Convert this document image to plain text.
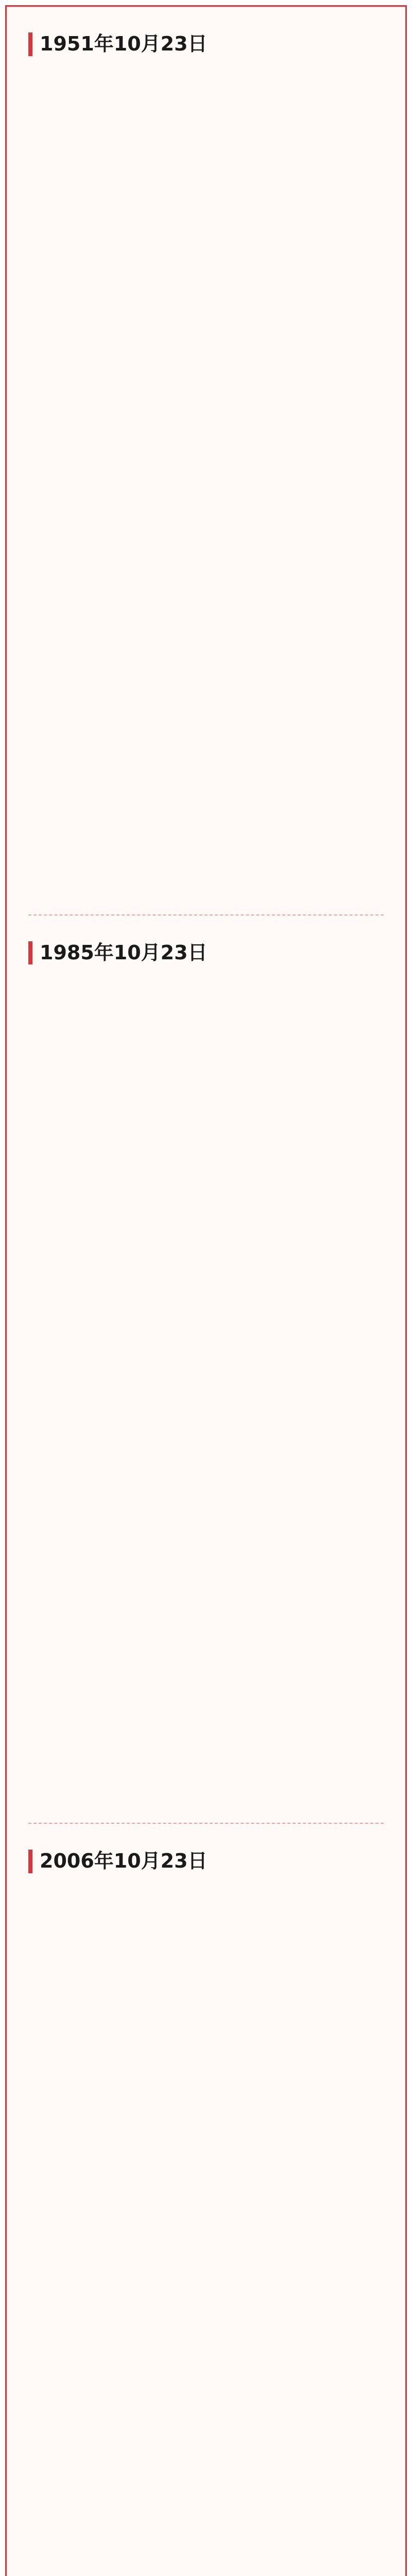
1951年10月23日
1985年10月23日
2006年10月23日
